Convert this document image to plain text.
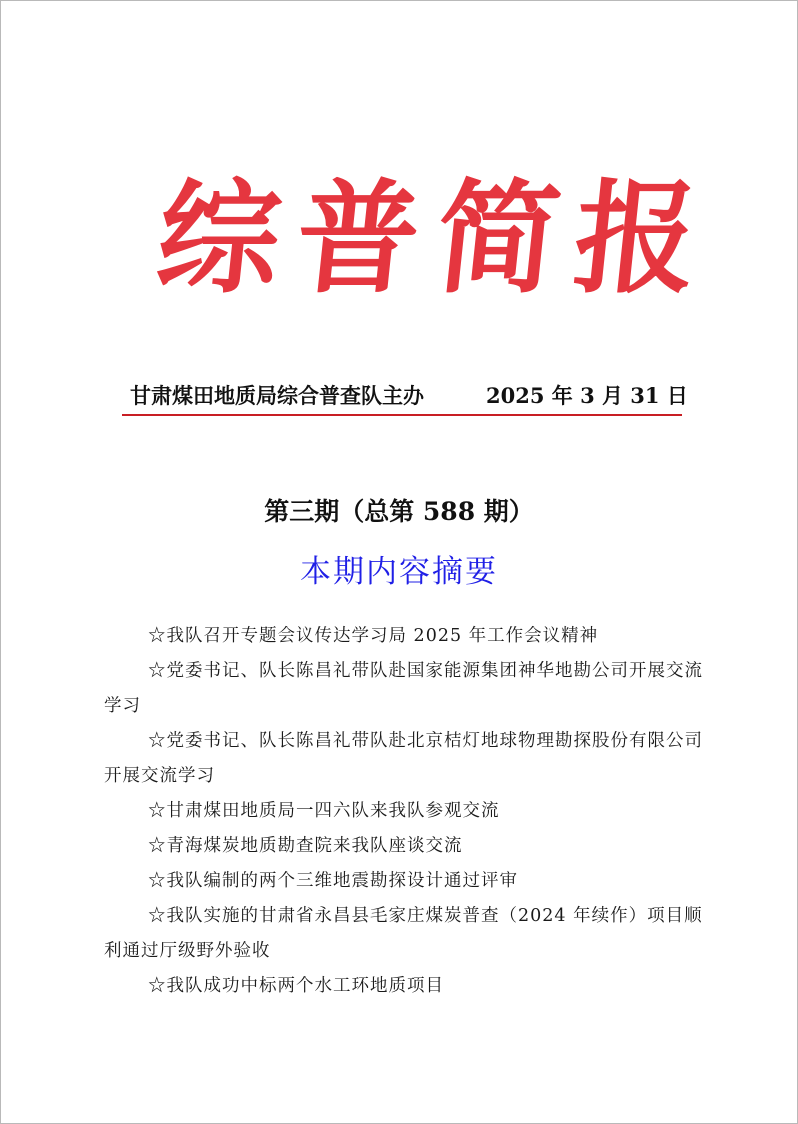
综 普 简 报
甘肃煤田地质局综合普查队主办	2025 年 3 月 31 日
第三期（总第 588 期）
本期内容摘要

☆我队召开专题会议传达学习局 2025 年工作会议精神

☆党委书记、队长陈昌礼带队赴国家能源集团神华地勘公司开展交流学习

☆党委书记、队长陈昌礼带队赴北京桔灯地球物理勘探股份有限公司开展交流学习

☆甘肃煤田地质局一四六队来我队参观交流

☆青海煤炭地质勘查院来我队座谈交流

☆我队编制的两个三维地震勘探设计通过评审

☆我队实施的甘肃省永昌县毛家庄煤炭普查（2024 年续作）项目顺利通过厅级野外验收

☆我队成功中标两个水工环地质项目
